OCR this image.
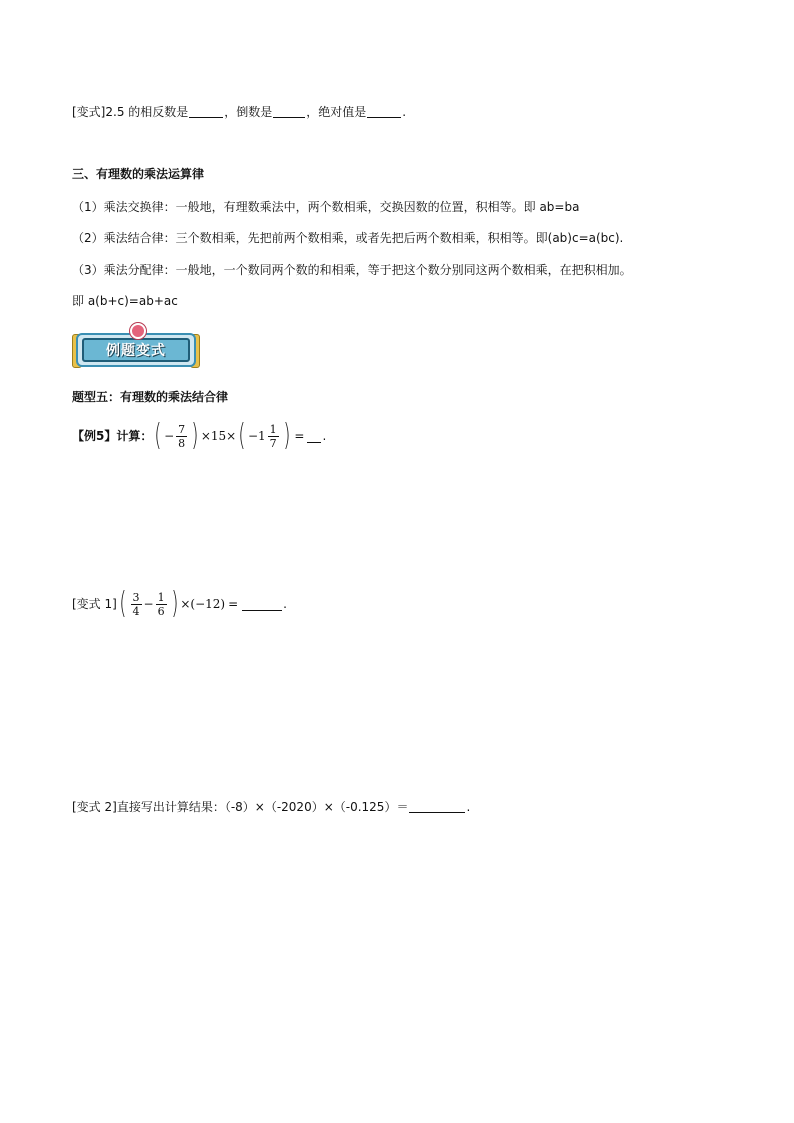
[变式]2.5 的相反数是	，倒数是	，绝对值是	.
三、有理数的乘法运算律
（1）乘法交换律：一般地，有理数乘法中，两个数相乘，交换因数的位置，积相等。即 ab=ba
（2）乘法结合律：三个数相乘，先把前两个数相乘，或者先把后两个数相乘，积相等。即(ab)c=a(bc).
（3）乘法分配律：一般地，一个数同两个数的和相乘，等于把这个数分别同这两个数相乘，在把积相加。
即 a(b+c)=ab+ac
例题变式
题型五：有理数的乘法结合律
【例5】计算： ( − $\frac{7}{8}$ ) ×15× ( $-1 \frac{1}{7}$ ) = .
[变式 1] ( $\frac{3}{4} - \frac{1}{6}$ ) × (−12) =	.
[变式 2]直接写出计算结果：（-8）×（-2020）×（-0.125）＝	.
